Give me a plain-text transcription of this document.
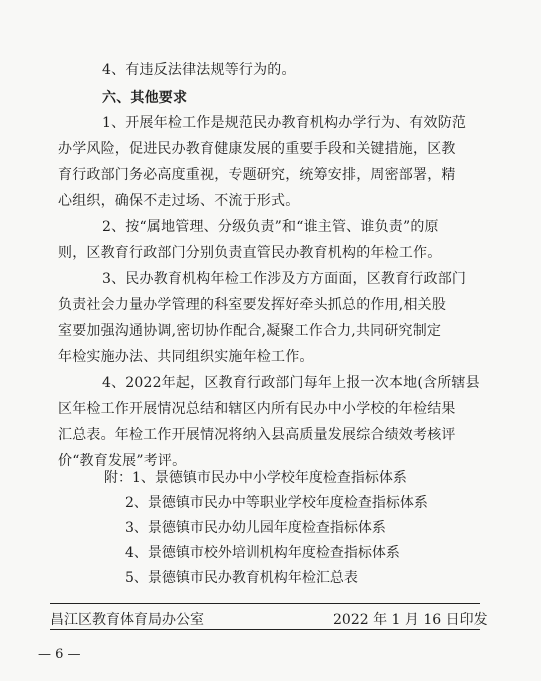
4、有违反法律法规等行为的。
六、其他要求
1、开展年检工作是规范民办教育机构办学行为、有效防范
办学风险，促进民办教育健康发展的重要手段和关键措施，区教
育行政部门务必高度重视，专题研究，统筹安排，周密部署，精
心组织，确保不走过场、不流于形式。
2、按“属地管理、分级负责”和“谁主管、谁负责”的原
则，区教育行政部门分别负责直管民办教育机构的年检工作。
3、民办教育机构年检工作涉及方方面面，区教育行政部门
负责社会力量办学管理的科室要发挥好牵头抓总的作用,相关股
室要加强沟通协调,密切协作配合,凝聚工作合力,共同研究制定
年检实施办法、共同组织实施年检工作。
4、2022年起，区教育行政部门每年上报一次本地(含所辖县
区年检工作开展情况总结和辖区内所有民办中小学校的年检结果
汇总表。年检工作开展情况将纳入县高质量发展综合绩效考核评
价“教育发展”考评。
附：1、景德镇市民办中小学校年度检查指标体系
2、景德镇市民办中等职业学校年度检查指标体系
3、景德镇市民办幼儿园年度检查指标体系
4、景德镇市校外培训机构年度检查指标体系
5、景德镇市民办教育机构年检汇总表
昌江区教育体育局办公室	2022 年 1 月 16 日印发
— 6 —
